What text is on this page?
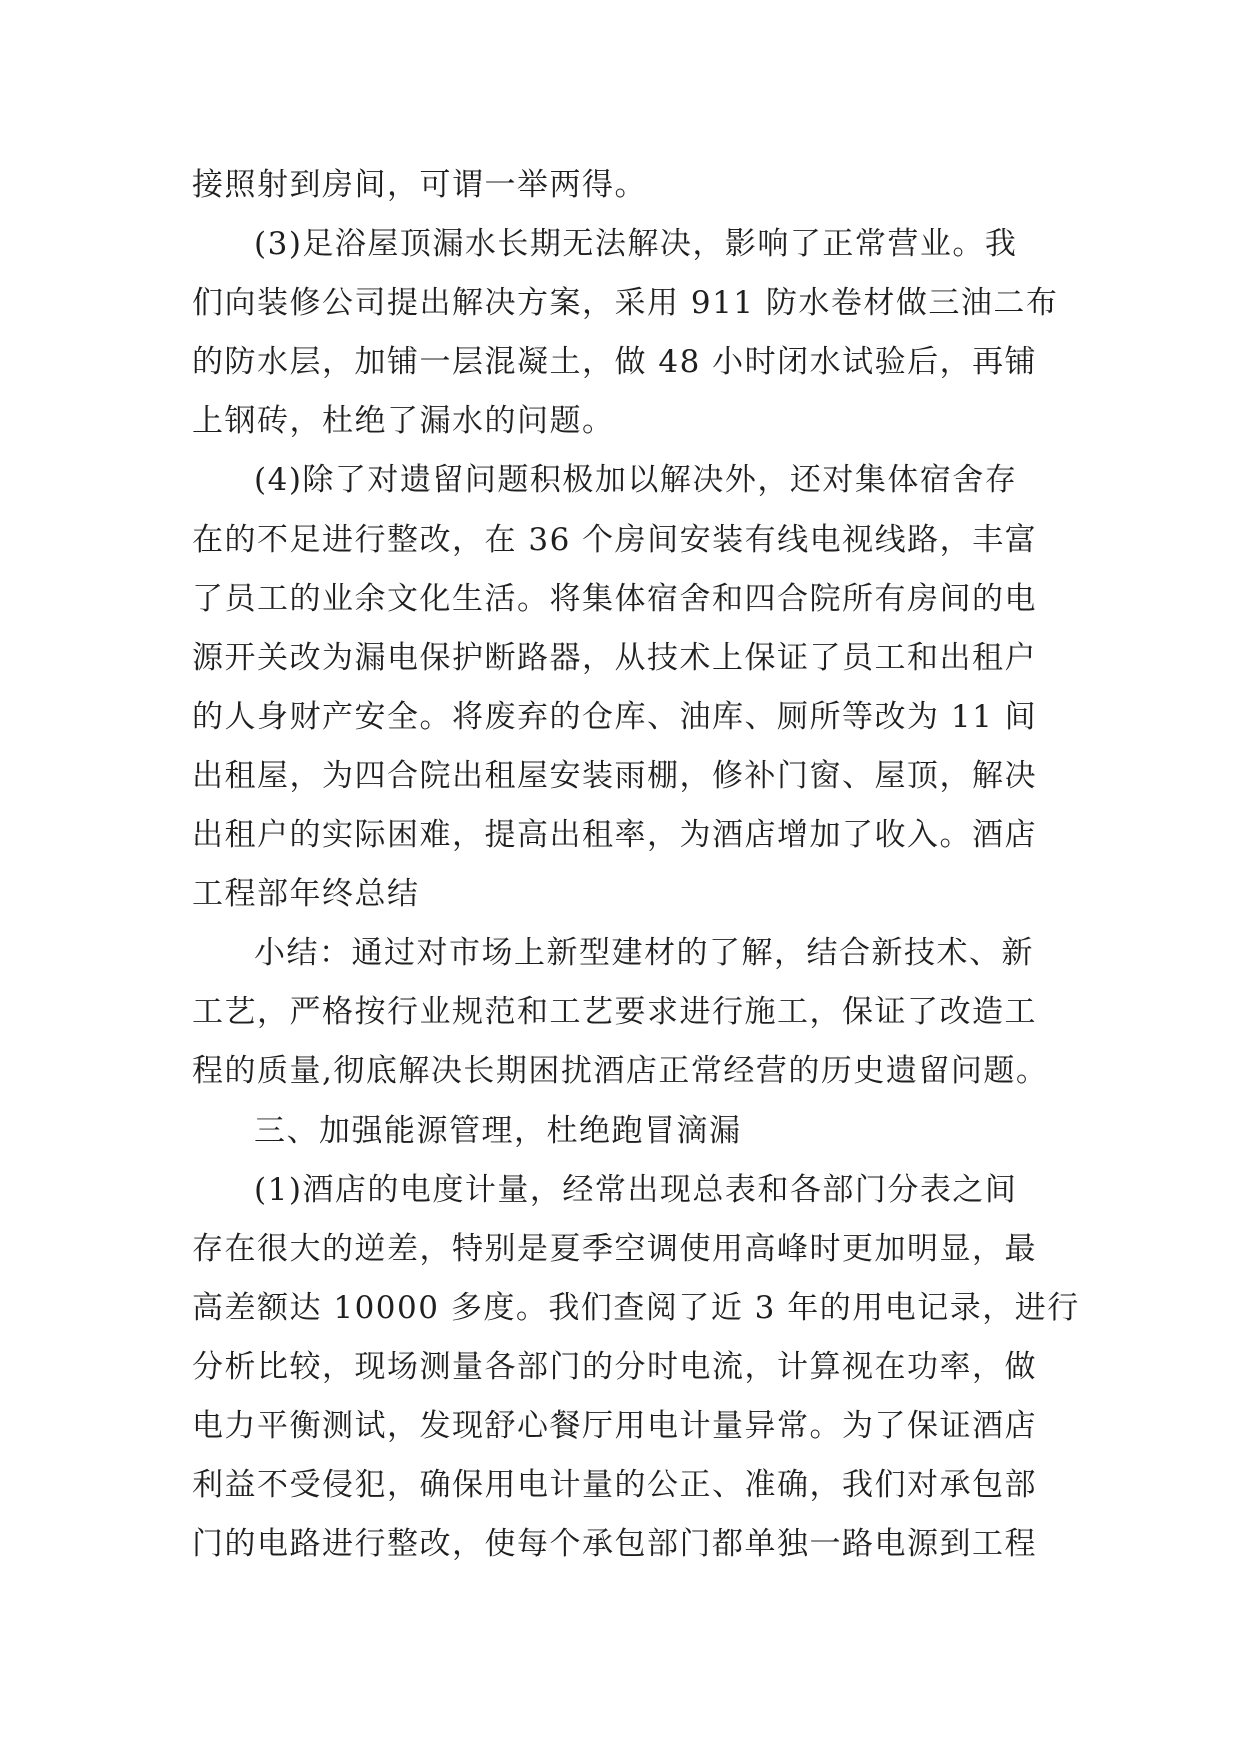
接照射到房间，可谓一举两得。
(3)足浴屋顶漏水长期无法解决，影响了正常营业。我
们向装修公司提出解决方案，采用 911 防水卷材做三油二布
的防水层，加铺一层混凝土，做 48 小时闭水试验后，再铺
上钢砖，杜绝了漏水的问题。
(4)除了对遗留问题积极加以解决外，还对集体宿舍存
在的不足进行整改，在 36 个房间安装有线电视线路，丰富
了员工的业余文化生活。将集体宿舍和四合院所有房间的电
源开关改为漏电保护断路器，从技术上保证了员工和出租户
的人身财产安全。将废弃的仓库、油库、厕所等改为 11 间
出租屋，为四合院出租屋安装雨棚，修补门窗、屋顶，解决
出租户的实际困难，提高出租率，为酒店增加了收入。酒店
工程部年终总结
小结：通过对市场上新型建材的了解，结合新技术、新
工艺，严格按行业规范和工艺要求进行施工，保证了改造工
程的质量,彻底解决长期困扰酒店正常经营的历史遗留问题。
三、加强能源管理，杜绝跑冒滴漏
(1)酒店的电度计量，经常出现总表和各部门分表之间
存在很大的逆差，特别是夏季空调使用高峰时更加明显，最
高差额达 10000 多度。我们查阅了近 3 年的用电记录，进行
分析比较，现场测量各部门的分时电流，计算视在功率，做
电力平衡测试，发现舒心餐厅用电计量异常。为了保证酒店
利益不受侵犯，确保用电计量的公正、准确，我们对承包部
门的电路进行整改，使每个承包部门都单独一路电源到工程
